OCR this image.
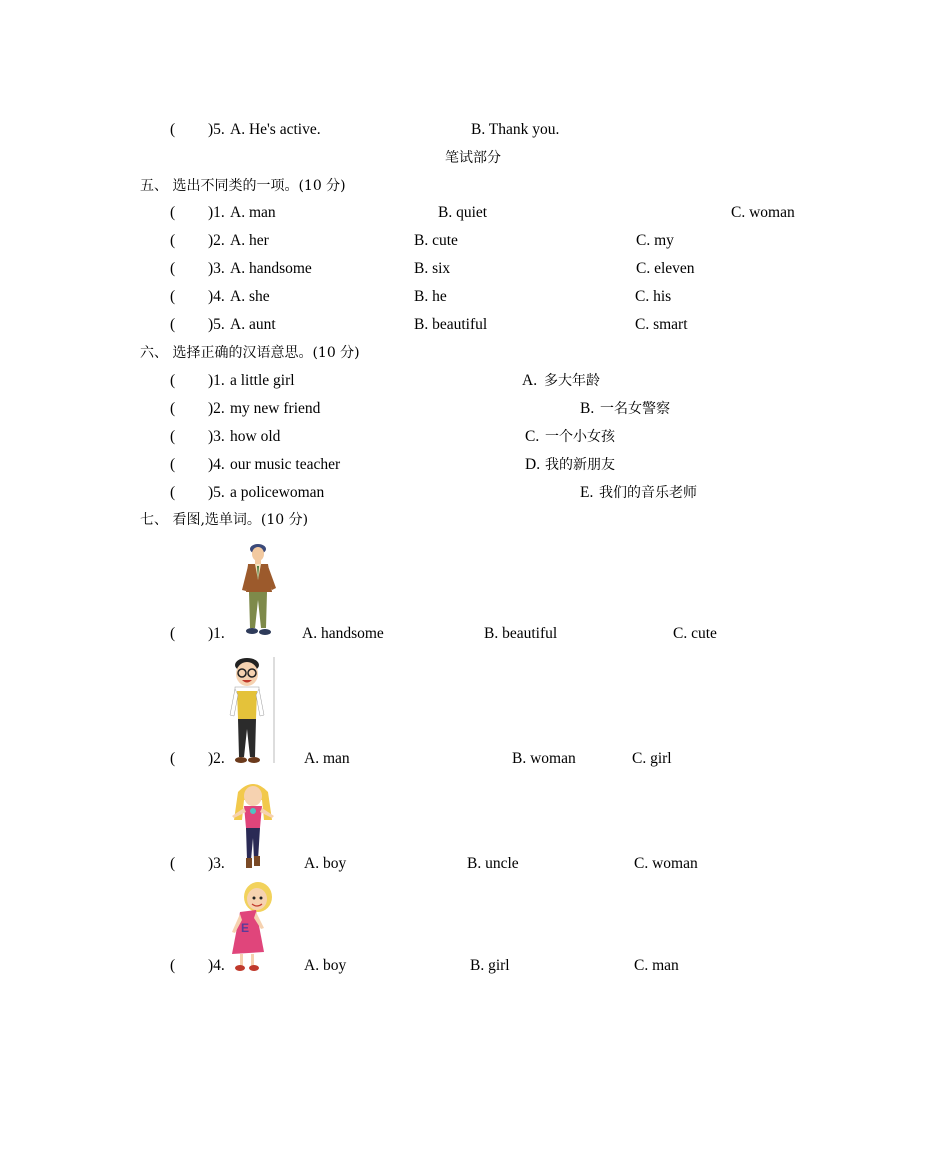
( )5. A. He's active.	B. Thank you.
笔试部分
五、 选出不同类的一项。(10 分)
( )1. A. man	B. quiet	C. woman
( )2. A. her	B. cute	C. my
( )3. A. handsome	B. six	C. eleven
( )4. A. she	B. he	C. his
( )5. A. aunt	B. beautiful	C. smart
六、 选择正确的汉语意思。(10 分)
( )1. a little girl	A. 多大年龄
( )2. my new friend	B. 一名女警察
( )3. how old	C. 一个小女孩
( )4. our music teacher	D. 我的新朋友
( )5. a policewoman	E. 我们的音乐老师
七、 看图,选单词。(10 分)
( )1.	A. handsome	B. beautiful	C. cute
( )2.	A. man	B. woman	C. girl
( )3.	A. boy	B. uncle	C. woman
E
( )4.	A. boy	B. girl	C. man
